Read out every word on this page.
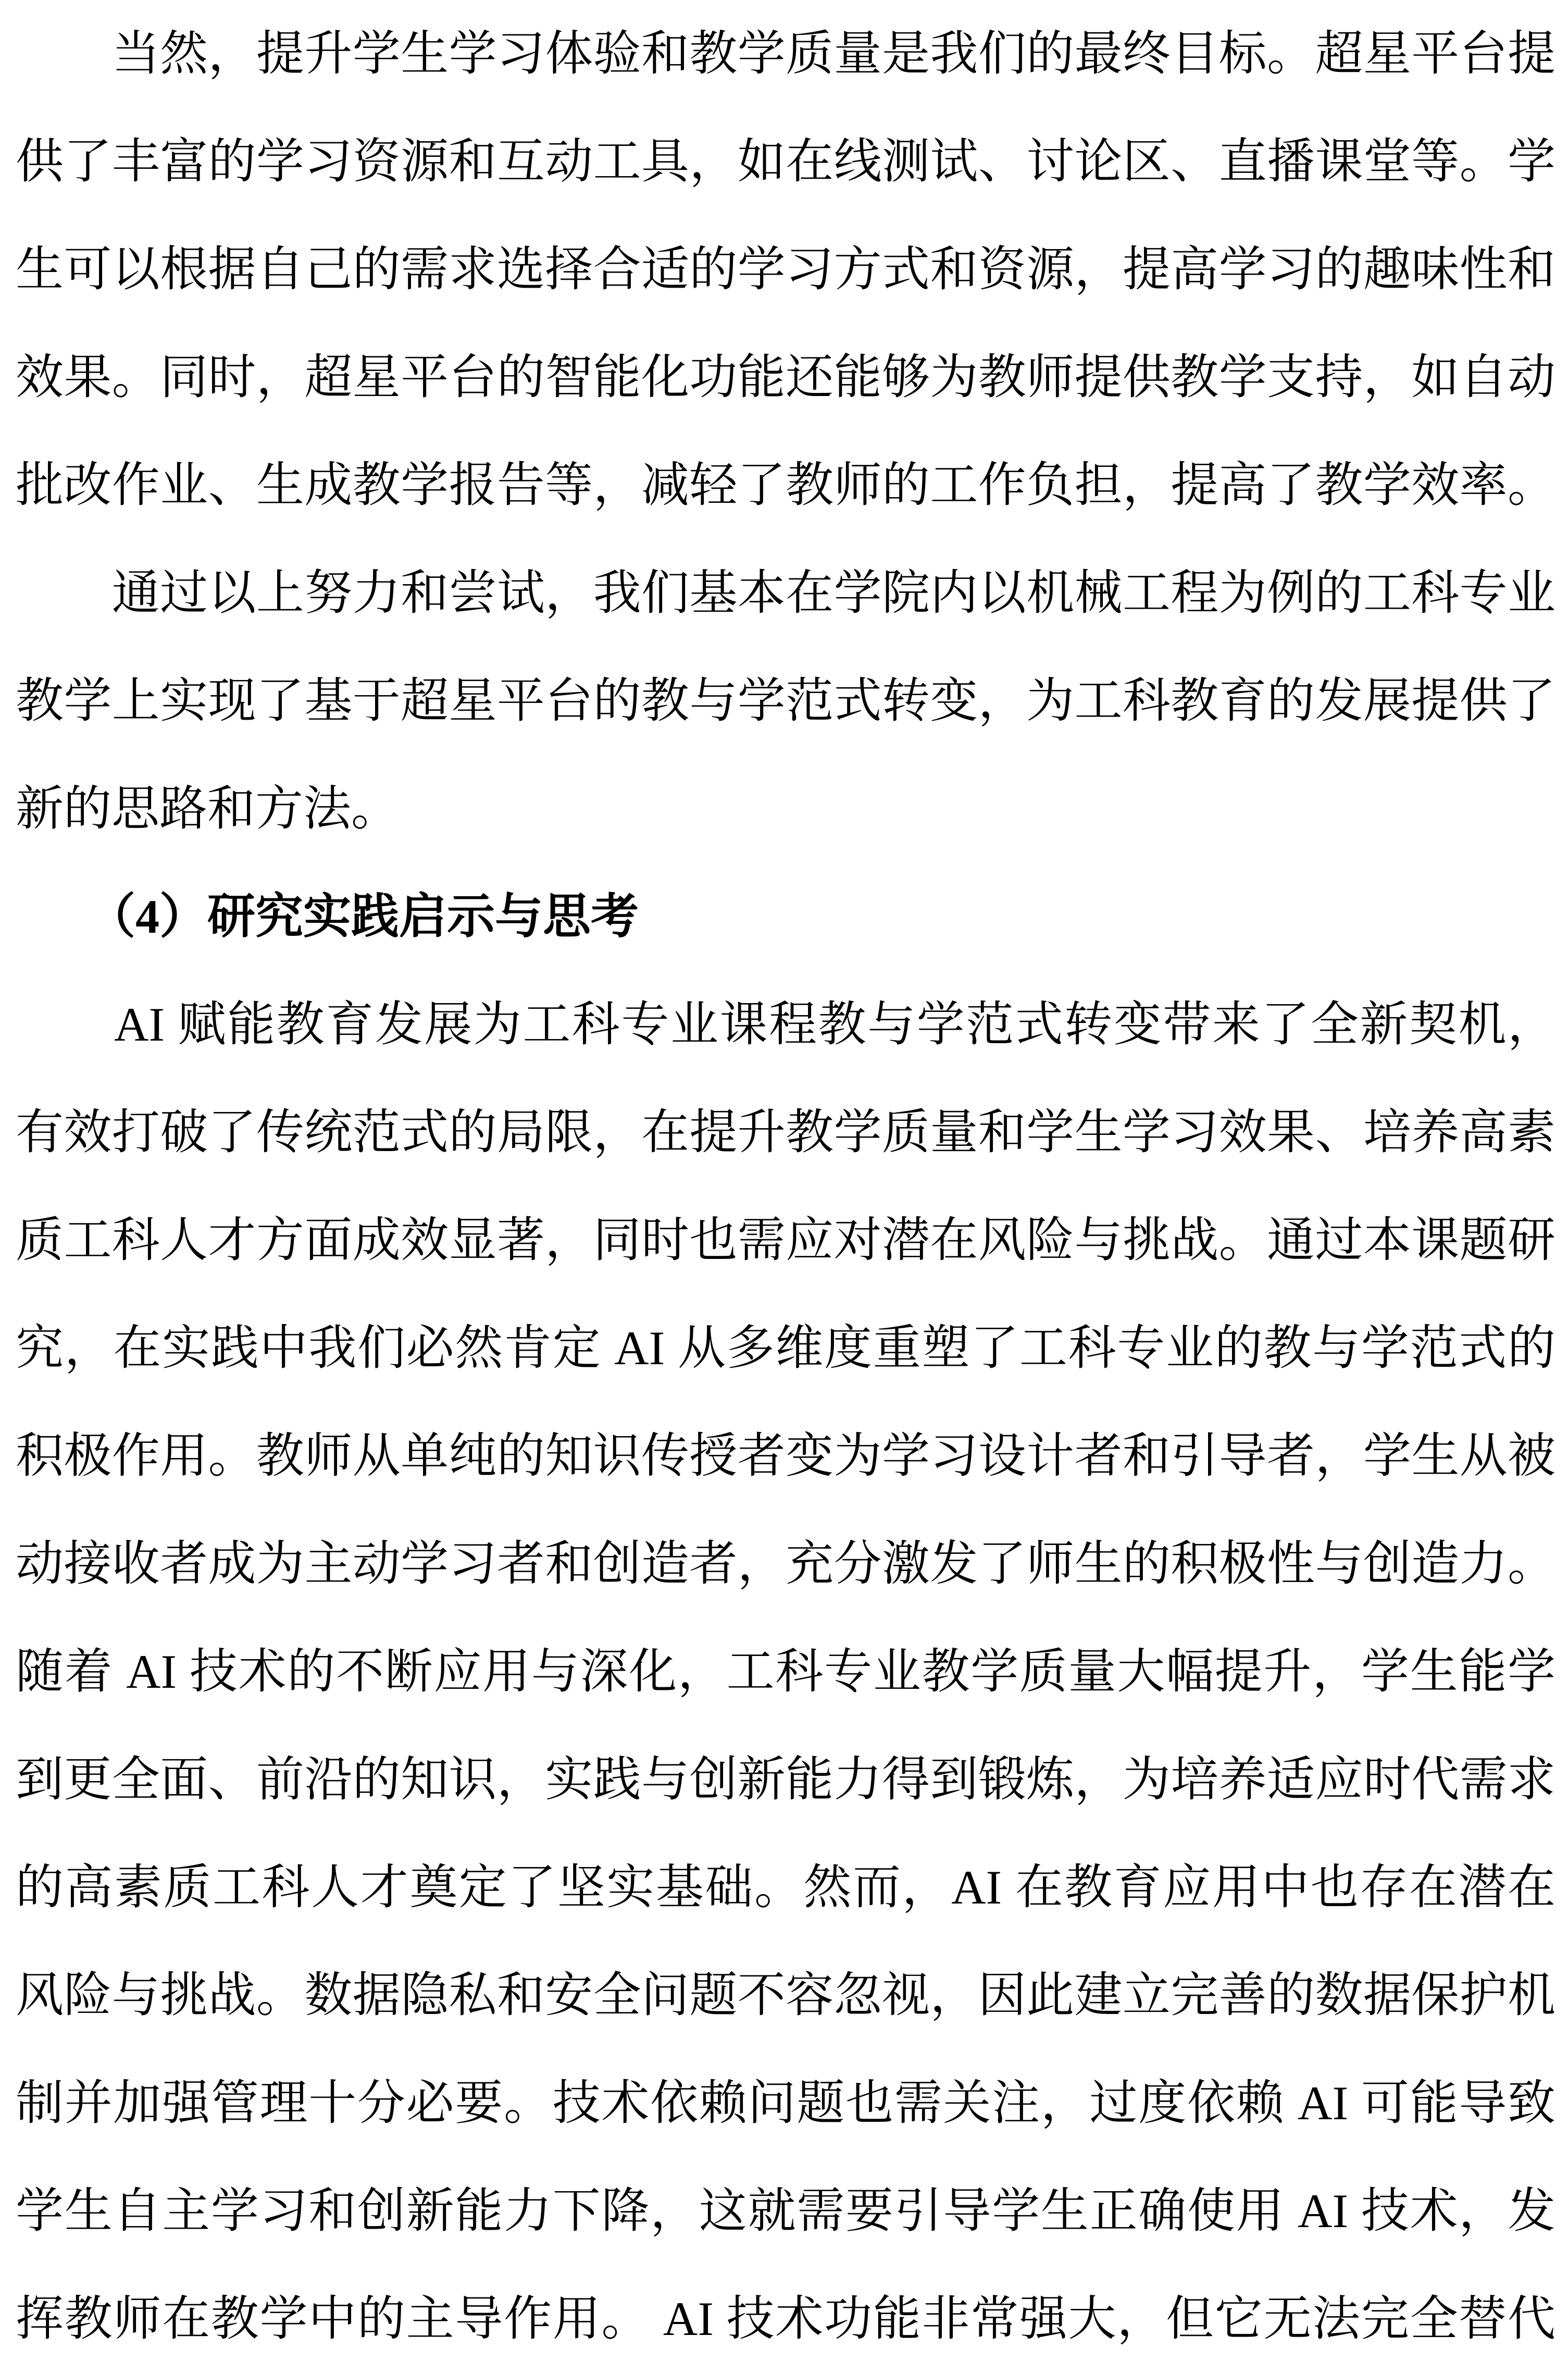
　　当然，提升学生学习体验和教学质量是我们的最终目标。超星平台提
供了丰富的学习资源和互动工具，如在线测试、讨论区、直播课堂等。学
生可以根据自己的需求选择合适的学习方式和资源，提高学习的趣味性和
效果。同时，超星平台的智能化功能还能够为教师提供教学支持，如自动
批改作业、生成教学报告等，减轻了教师的工作负担，提高了教学效率。
　　通过以上努力和尝试，我们基本在学院内以机械工程为例的工科专业
教学上实现了基于超星平台的教与学范式转变，为工科教育的发展提供了
新的思路和方法。
　　（4）研究实践启示与思考
　　AI 赋能教育发展为工科专业课程教与学范式转变带来了全新契机，
有效打破了传统范式的局限，在提升教学质量和学生学习效果、培养高素
质工科人才方面成效显著，同时也需应对潜在风险与挑战。通过本课题研
究，在实践中我们必然肯定 AI 从多维度重塑了工科专业的教与学范式的
积极作用。教师从单纯的知识传授者变为学习设计者和引导者，学生从被
动接收者成为主动学习者和创造者，充分激发了师生的积极性与创造力。
随着 AI 技术的不断应用与深化，工科专业教学质量大幅提升，学生能学
到更全面、前沿的知识，实践与创新能力得到锻炼，为培养适应时代需求
的高素质工科人才奠定了坚实基础。然而，AI 在教育应用中也存在潜在
风险与挑战。数据隐私和安全问题不容忽视，因此建立完善的数据保护机
制并加强管理十分必要。技术依赖问题也需关注，过度依赖 AI 可能导致
学生自主学习和创新能力下降，这就需要引导学生正确使用 AI 技术，发
挥教师在教学中的主导作用。 AI 技术功能非常强大，但它无法完全替代
